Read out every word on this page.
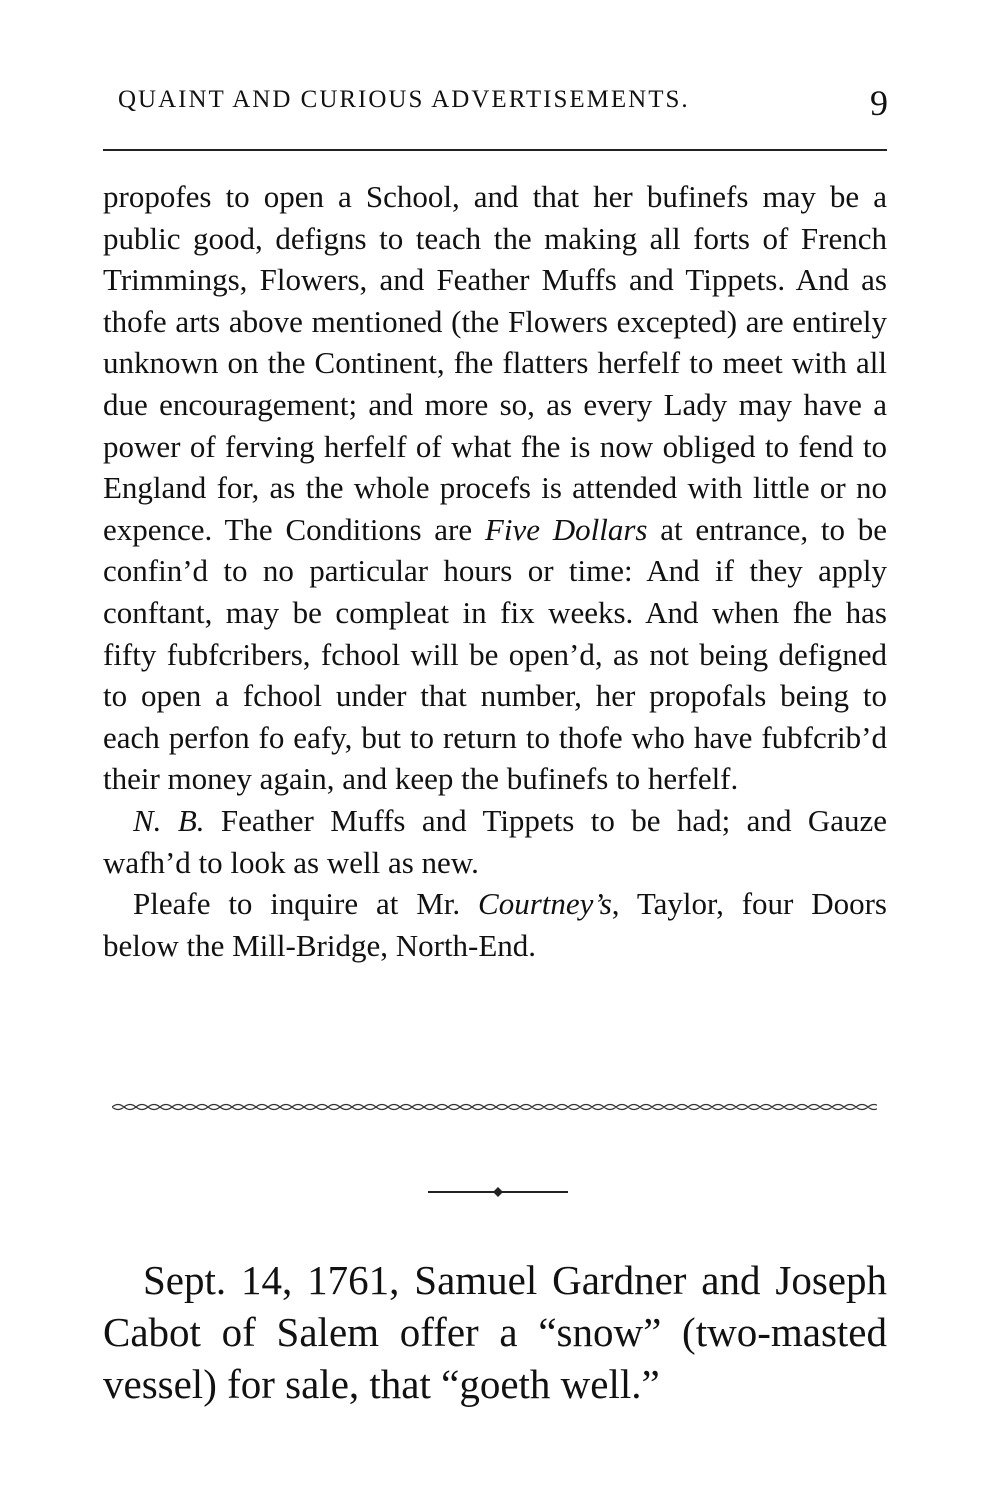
QUAINT AND CURIOUS ADVERTISEMENTS.	9

propofes to open a School, and that her bufinefs may be a public good, defigns to teach the making all forts of French Trimmings, Flowers, and Feather Muffs and Tippets. And as thofe arts above mentioned (the Flowers excepted) are entirely unknown on the Continent, fhe flatters herfelf to meet with all due encouragement; and more so, as every Lady may have a power of ferving herfelf of what fhe is now obliged to fend to England for, as the whole procefs is attended with little or no expence. The Conditions are Five Dollars at entrance, to be confin’d to no particular hours or time: And if they apply conftant, may be compleat in fix weeks. And when fhe has fifty fubfcribers, fchool will be open’d, as not being defigned to open a fchool under that number, her propofals being to each perfon fo eafy, but to return to thofe who have fubfcrib’d their money again, and keep the bufinefs to herfelf.

N. B. Feather Muffs and Tippets to be had; and Gauze wafh’d to look as well as new.

Pleafe to inquire at Mr. Courtney’s, Taylor, four Doors below the Mill-Bridge, North-End.

Sept. 14, 1761, Samuel Gardner and Joseph Cabot of Salem offer a “snow” (two-masted vessel) for sale, that “goeth well.”
